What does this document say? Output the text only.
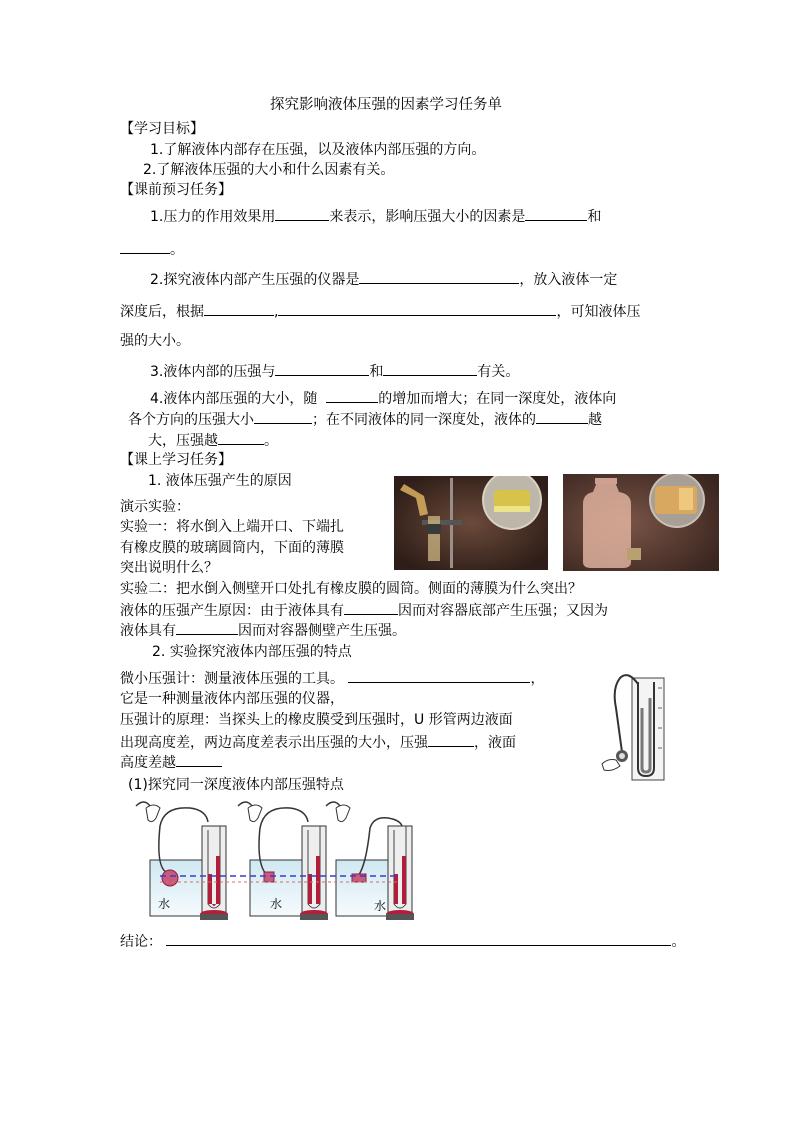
探究影响液体压强的因素学习任务单
【学习目标】
1.了解液体内部存在压强，以及液体内部压强的方向。
2.了解液体压强的大小和什么因素有关。
【课前预习任务】
1.压力的作用效果用	来表示，影响压强大小的因素是	和
。
2.探究液体内部产生压强的仪器是	，放入液体一定
深度后，根据	,	，可知液体压
强的大小。
3.液体内部的压强与	和	有关。
4.液体内部压强的大小，随	的增加而增大；在同一深度处，液体向
各个方向的压强大小	；在不同液体的同一深度处，液体的	越
大，压强越	。
【课上学习任务】
1. 液体压强产生的原因
演示实验：
实验一：将水倒入上端开口、下端扎
有橡皮膜的玻璃圆筒内，下面的薄膜
突出说明什么？
实验二：把水倒入侧壁开口处扎有橡皮膜的圆筒。侧面的薄膜为什么突出？
液体的压强产生原因：由于液体具有	因而对容器底部产生压强；又因为
液体具有	因而对容器侧壁产生压强。
2. 实验探究液体内部压强的特点
微小压强计：测量液体压强的工具。	，
它是一种测量液体内部压强的仪器，
压强计的原理：当探头上的橡皮膜受到压强时，U 形管两边液面
出现高度差，两边高度差表示出压强的大小，压强	，液面
高度差越
(1)探究同一深度液体内部压强特点
水	水	水
结论：	。
